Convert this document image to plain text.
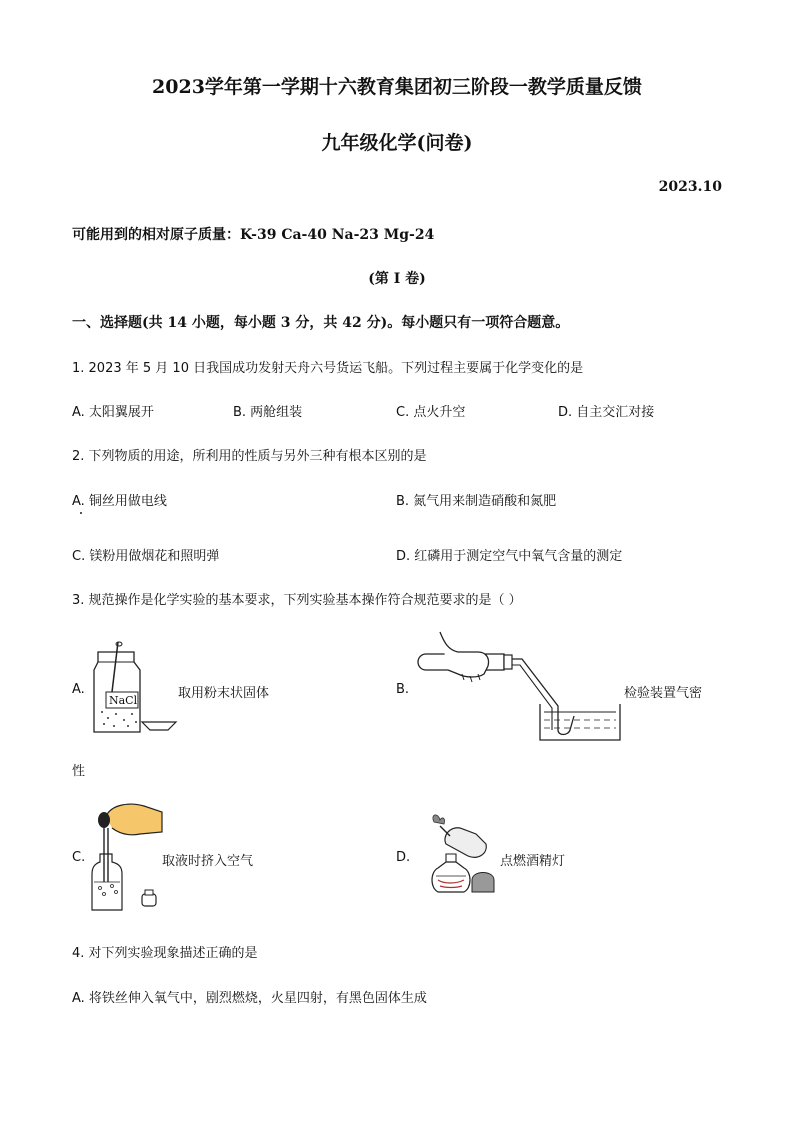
2023学年第一学期十六教育集团初三阶段一教学质量反馈
九年级化学(问卷)
2023.10
可能用到的相对原子质量：K-39 Ca-40 Na-23 Mg-24
(第 I 卷)
一、选择题(共 14 小题，每小题 3 分，共 42 分)。每小题只有一项符合题意。
1. 2023 年 5 月 10 日我国成功发射天舟六号货运飞船。下列过程主要属于化学变化的是
A. 太阳翼展开	B. 两舱组装	C. 点火升空	D. 自主交汇对接
2. 下列物质的用途，所利用的性质与另外三种有根本区别的是
A. 铜丝用做电线	B. 氮气用来制造硝酸和氮肥
C. 镁粉用做烟花和照明弹	D. 红磷用于测定空气中氧气含量的测定
3. 规范操作是化学实验的基本要求，下列实验基本操作符合规范要求的是（ ）
A.
NaCl	取用粉末状固体	B.	检验装置气密
性
C.	取液时挤入空气	D.	点燃酒精灯
4. 对下列实验现象描述正确的是
A. 将铁丝伸入氧气中，剧烈燃烧，火星四射，有黑色固体生成
